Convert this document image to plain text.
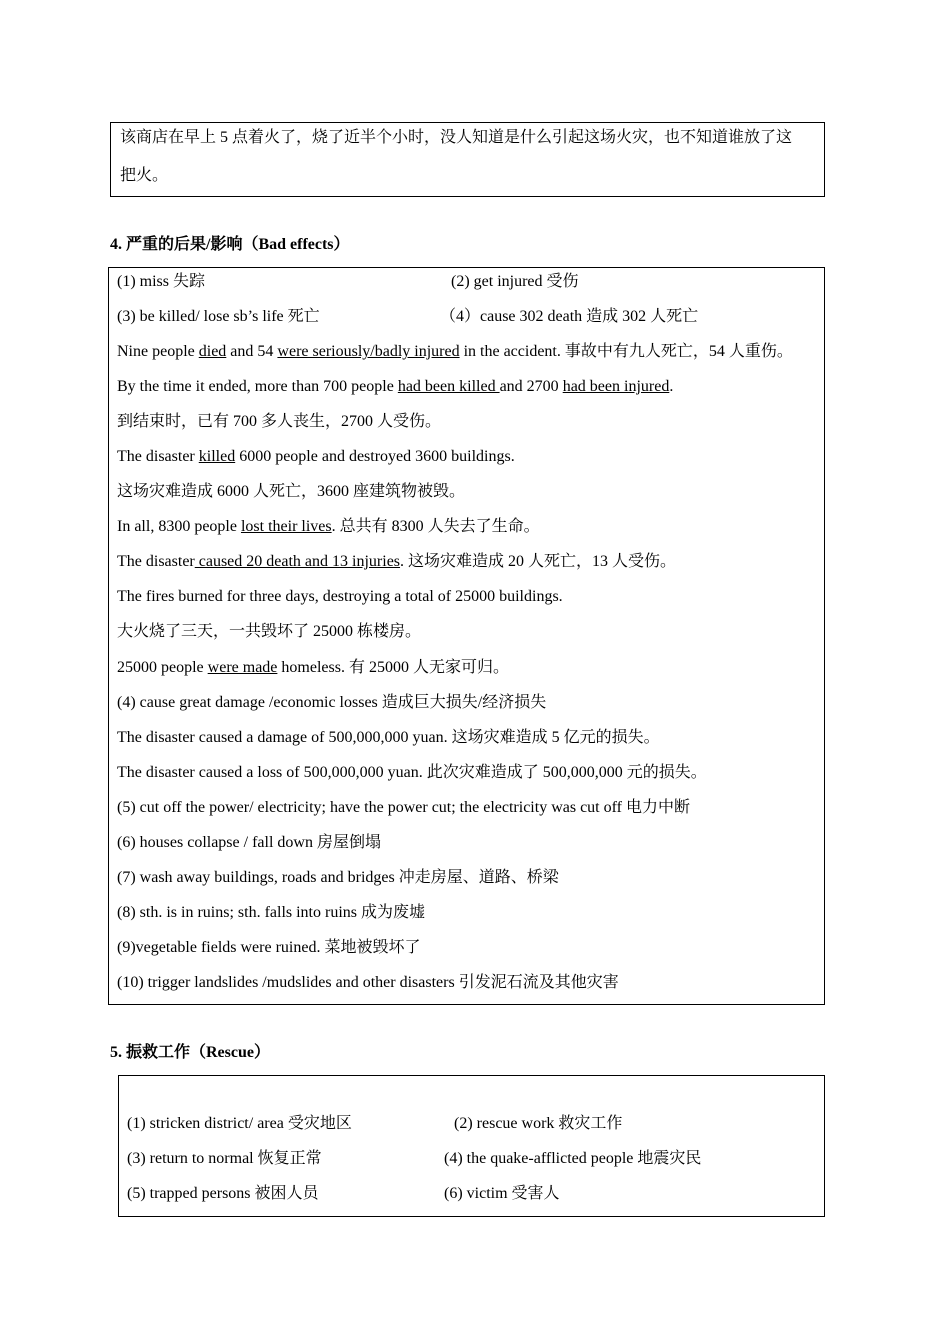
该商店在早上 5 点着火了，烧了近半个小时，没人知道是什么引起这场火灾，也不知道谁放了这
把火。
4. 严重的后果/影响（Bad effects）
(1) miss 失踪	(2) get injured 受伤
(3) be killed/ lose sb’s life 死亡	（4）cause 302 death 造成 302 人死亡
Nine people died and 54 were seriously/badly injured in the accident. 事故中有九人死亡，54 人重伤。
By the time it ended, more than 700 people had been killed and 2700 had been injured.
到结束时，已有 700 多人丧生，2700 人受伤。
The disaster killed 6000 people and destroyed 3600 buildings.
这场灾难造成 6000 人死亡，3600 座建筑物被毁。
In all, 8300 people lost their lives. 总共有 8300 人失去了生命。
The disaster caused 20 death and 13 injuries. 这场灾难造成 20 人死亡，13 人受伤。
The fires burned for three days, destroying a total of 25000 buildings.
大火烧了三天，一共毁坏了 25000 栋楼房。
25000 people were made homeless. 有 25000 人无家可归。
(4) cause great damage /economic losses 造成巨大损失/经济损失
The disaster caused a damage of 500,000,000 yuan. 这场灾难造成 5 亿元的损失。
The disaster caused a loss of 500,000,000 yuan. 此次灾难造成了 500,000,000 元的损失。
(5) cut off the power/ electricity; have the power cut; the electricity was cut off 电力中断
(6) houses collapse / fall down 房屋倒塌
(7) wash away buildings, roads and bridges 冲走房屋、道路、桥梁
(8) sth. is in ruins; sth. falls into ruins 成为废墟
(9)vegetable fields were ruined. 菜地被毁坏了
(10) trigger landslides /mudslides and other disasters 引发泥石流及其他灾害
5. 振救工作（Rescue）
(1) stricken district/ area 受灾地区	(2) rescue work 救灾工作
(3) return to normal 恢复正常	(4) the quake-afflicted people 地震灾民
(5) trapped persons 被困人员	(6) victim 受害人
